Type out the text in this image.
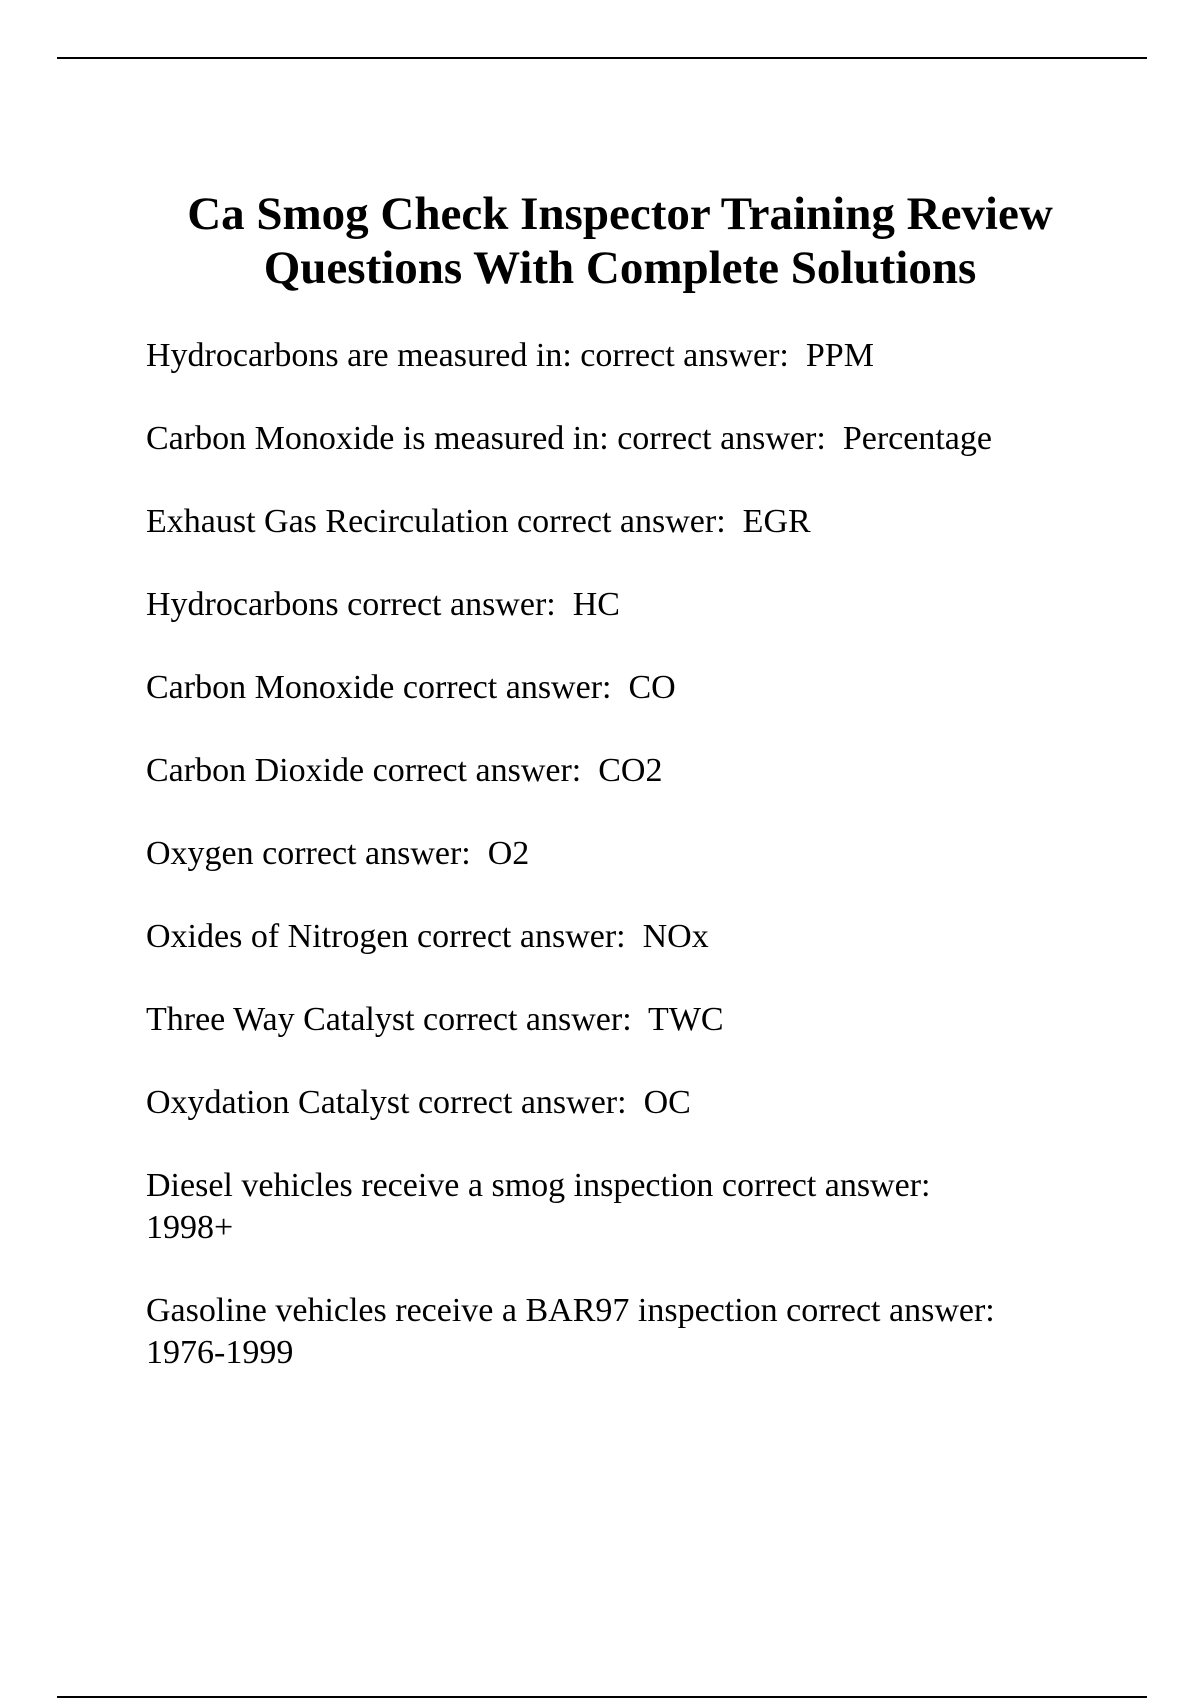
Ca Smog Check Inspector Training Review
Questions With Complete Solutions
Hydrocarbons are measured in: correct answer: PPM
Carbon Monoxide is measured in: correct answer: Percentage
Exhaust Gas Recirculation correct answer: EGR
Hydrocarbons correct answer: HC
Carbon Monoxide correct answer: CO
Carbon Dioxide correct answer: CO2
Oxygen correct answer: O2
Oxides of Nitrogen correct answer: NOx
Three Way Catalyst correct answer: TWC
Oxydation Catalyst correct answer: OC
Diesel vehicles receive a smog inspection correct answer:
1998+
Gasoline vehicles receive a BAR97 inspection correct answer:
1976-1999
